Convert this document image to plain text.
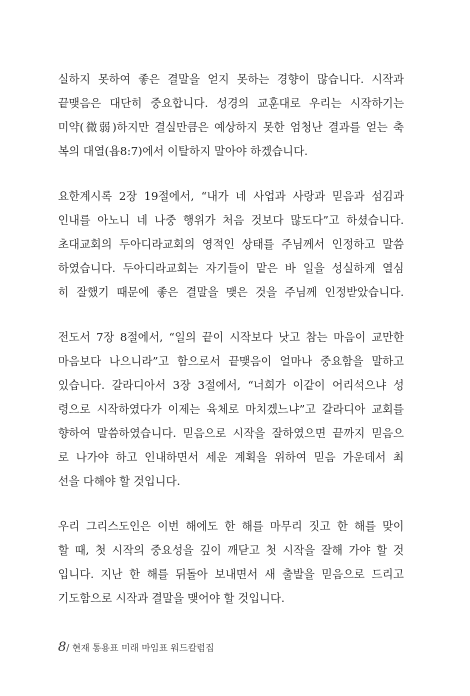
실하지 못하여 좋은 결말을 얻지 못하는 경향이 많습니다. 시작과
끝맺음은 대단히 중요합니다. 성경의 교훈대로 우리는 시작하기는
미약(微弱)하지만 결실만큼은 예상하지 못한 엄청난 결과를 얻는 축
복의 대열(욥8:7)에서 이탈하지 말아야 하겠습니다.
요한계시록 2장 19절에서, “내가 네 사업과 사랑과 믿음과 섬김과
인내를 아노니 네 나중 행위가 처음 것보다 많도다”고 하셨습니다.
초대교회의 두아디라교회의 영적인 상태를 주님께서 인정하고 말씀
하였습니다. 두아디라교회는 자기들이 맡은 바 일을 성실하게 열심
히 잘했기 때문에 좋은 결말을 맺은 것을 주님께 인정받았습니다.
전도서 7장 8절에서, “일의 끝이 시작보다 낫고 참는 마음이 교만한
마음보다 나으니라”고 함으로서 끝맺음이 얼마나 중요함을 말하고
있습니다. 갈라디아서 3장 3절에서, “너희가 이같이 어리석으냐 성
령으로 시작하였다가 이제는 육체로 마치겠느냐”고 갈라디아 교회를
향하여 말씀하였습니다. 믿음으로 시작을 잘하였으면 끝까지 믿음으
로 나가야 하고 인내하면서 세운 계획을 위하여 믿음 가운데서 최
선을 다해야 할 것입니다.
우리 그리스도인은 이번 해에도 한 해를 마무리 짓고 한 해를 맞이
할 때, 첫 시작의 중요성을 깊이 깨닫고 첫 시작을 잘해 가야 할 것
입니다. 지난 한 해를 뒤돌아 보내면서 새 출발을 믿음으로 드리고
기도함으로 시작과 결말을 맺어야 할 것입니다.
8/ 현재 통용표 미래 마임표 워드칼럼집
